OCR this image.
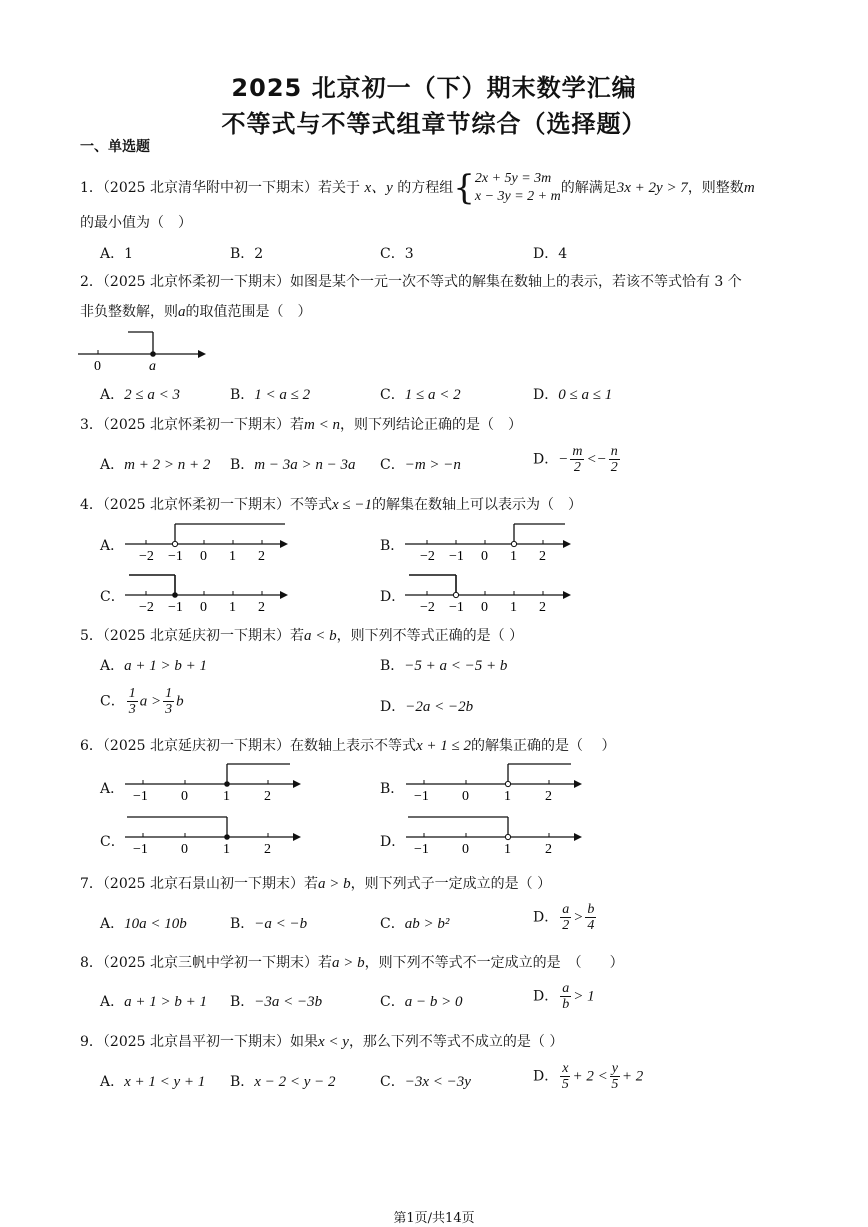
2025 北京初一（下）期末数学汇编
不等式与不等式组章节综合（选择题）
一、单选题
1．（2025 北京清华附中初一下期末）若关于 x、y 的方程组{ 2x + 5y = 3m
x − 3y = 2 + m
的解满足3x + 2y > 7，则整数m
的最小值为（　）
A．1	B．2	C．3	D．4
2．（2025 北京怀柔初一下期末）如图是某个一元一次不等式的解集在数轴上的表示，若该不等式恰有 3 个
非负整数解，则a的取值范围是（　）
0	a
A．2 ≤ a < 3	B．1 < a ≤ 2	C．1 ≤ a < 2	D．0 ≤ a ≤ 1
3．（2025 北京怀柔初一下期末）若m < n，则下列结论正确的是（　）
A．m + 2 > n + 2 B．m − 3a > n − 3a C．−m > −n	D．− $\frac{m}{2} <- \frac{n}{2}$
4．（2025 北京怀柔初一下期末）不等式x ≤ −1的解集在数轴上可以表示为（　）
A．
−2 −1 0 1 2
B．
−2 −1 0 1 2
C．
−2 −1 0 1 2
D．
−2 −1 0 1 2
5．（2025 北京延庆初一下期末）若a < b，则下列不等式正确的是（ ）
A．a + 1 > b + 1	B．−5 + a < −5 + b
C． $\frac{1}{3}$ $a > \frac{1}{3}$ b	D．−2a < −2b
6．（2025 北京延庆初一下期末）在数轴上表示不等式x + 1 ≤ 2的解集正确的是（　 ）
A． −1 0	1 2	B． −1 0	1 2
C． −1 0	1 2	D． −1 0	1 2
7．（2025 北京石景山初一下期末）若a > b，则下列式子一定成立的是（ ）
A．10a < 10b	B．−a < −b	C．ab > b²	D． $\frac{a}{2} > \frac{b}{4}$
8．（2025 北京三帆中学初一下期末）若a > b，则下列不等式不一定成立的是　（　　）
A．a + 1 > b + 1 B．−3a < −3b	C．a − b > 0	D． $\frac{a}{b} > 1$
9．（2025 北京昌平初一下期末）如果x < y，那么下列不等式不成立的是（ ）
A．x + 1 < y + 1 B．x − 2 < y − 2	C．−3x < −3y	D． $\frac{x}{5} + 2 < \frac{y}{5} + 2$
第1页/共14页
